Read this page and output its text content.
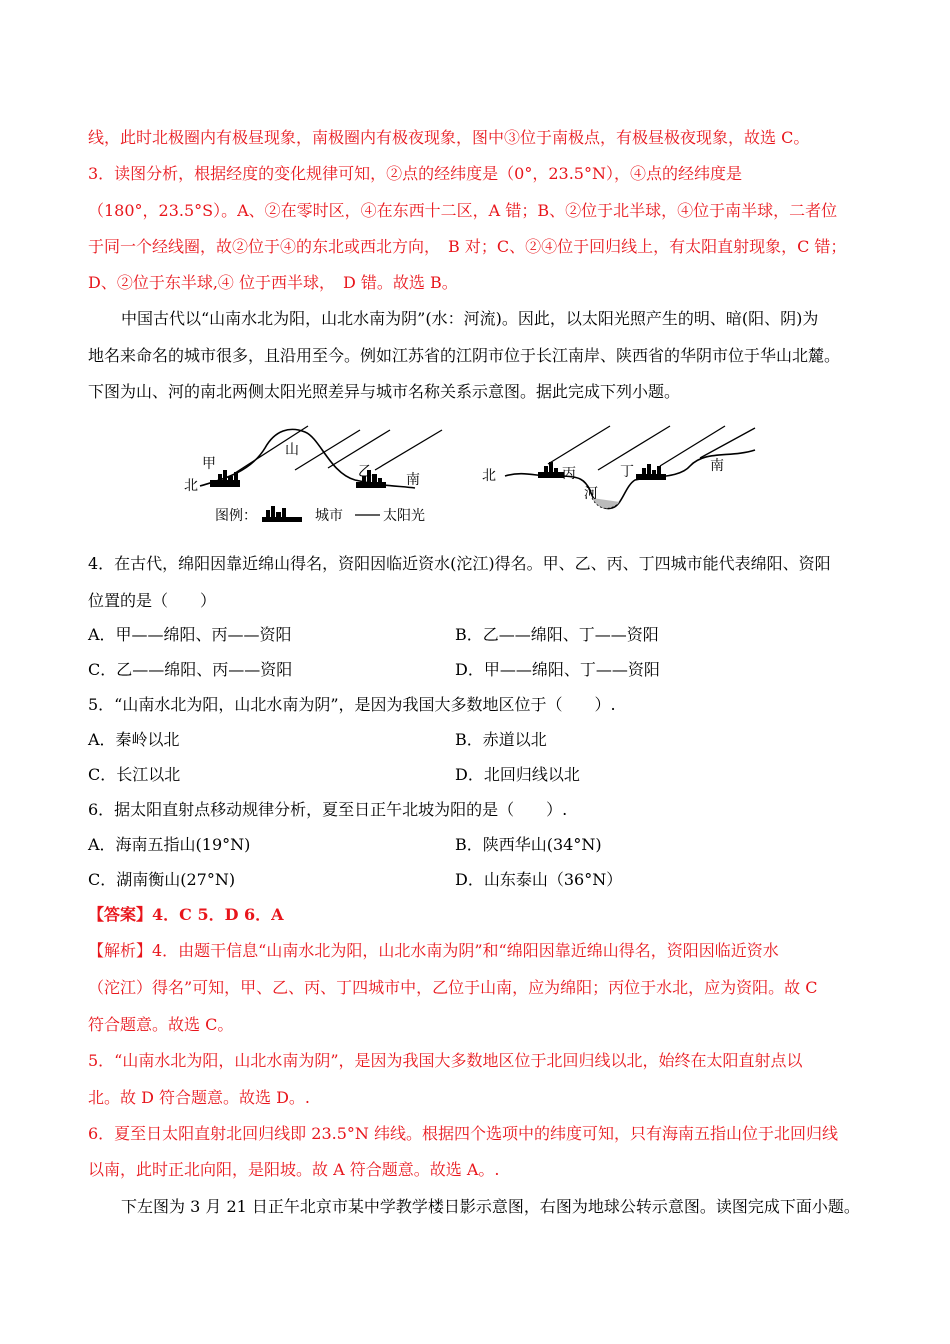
线，此时北极圈内有极昼现象，南极圈内有极夜现象，图中③位于南极点，有极昼极夜现象，故选 C。
3．读图分析，根据经度的变化规律可知，②点的经纬度是（0°，23.5°N），④点的经纬度是
（180°，23.5°S）。A、②在零时区，④在东西十二区，A 错；B、②位于北半球，④位于南半球，二者位
于同一个经线圈，故②位于④的东北或西北方向，　B 对；C、②④位于回归线上，有太阳直射现象，C 错；
D、②位于东半球,④ 位于西半球，　D 错。故选 B。
中国古代以“山南水北为阳，山北水南为阴”(水：河流)。因此，以太阳光照产生的明、暗(阳、阴)为
地名来命名的城市很多，且沿用至今。例如江苏省的江阴市位于长江南岸、陕西省的华阴市位于华山北麓。
下图为山、河的南北两侧太阳光照差异与城市名称关系示意图。据此完成下列小题。
甲
北
山
乙 南
图例：	城市	太阳光
北	丙
河
丁	南
4．在古代，绵阳因靠近绵山得名，资阳因临近资水(沱江)得名。甲、乙、丙、丁四城市能代表绵阳、资阳
位置的是（　　）
A．甲——绵阳、丙——资阳	B．乙——绵阳、丁——资阳
C．乙——绵阳、丙——资阳	D．甲——绵阳、丁——资阳
5．“山南水北为阳，山北水南为阴”，是因为我国大多数地区位于（　　）.
A．秦岭以北	B．赤道以北
C．长江以北	D．北回归线以北
6．据太阳直射点移动规律分析，夏至日正午北坡为阳的是（　　）.
A．海南五指山(19°N)	B．陕西华山(34°N)
C．湖南衡山(27°N)	D．山东泰山（36°N）
【答案】4．C 5．D 6．A
【解析】4．由题干信息“山南水北为阳，山北水南为阴”和“绵阳因靠近绵山得名，资阳因临近资水
（沱江）得名”可知，甲、乙、丙、丁四城市中，乙位于山南，应为绵阳；丙位于水北，应为资阳。故 C
符合题意。故选 C。
5．“山南水北为阳，山北水南为阴”，是因为我国大多数地区位于北回归线以北，始终在太阳直射点以
北。故 D 符合题意。故选 D。.
6．夏至日太阳直射北回归线即 23.5°N 纬线。根据四个选项中的纬度可知，只有海南五指山位于北回归线
以南，此时正北向阳，是阳坡。故 A 符合题意。故选 A。.
下左图为 3 月 21 日正午北京市某中学教学楼日影示意图，右图为地球公转示意图。读图完成下面小题。
